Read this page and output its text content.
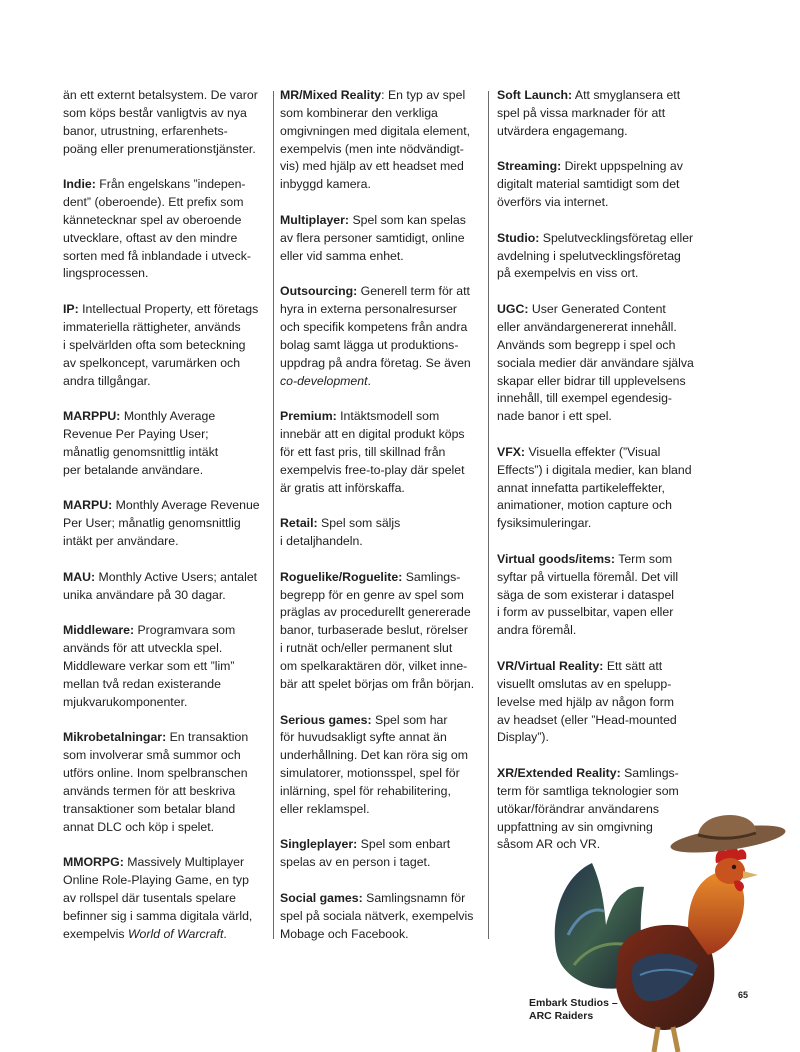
än ett externt betalsystem. De varor
som köps består vanligtvis av nya
banor, utrustning, erfarenhets-
poäng eller prenumerationstjänster.
Indie: Från engelskans ”indepen-
dent” (oberoende). Ett prefix som
kännetecknar spel av oberoende
utvecklare, oftast av den mindre
sorten med få inblandade i utveck-
lingsprocessen.
IP: Intellectual Property, ett företags
immateriella rättigheter, används
i spelvärlden ofta som beteckning
av spelkoncept, varumärken och
andra tillgångar.
MARPPU: Monthly Average
Revenue Per Paying User;
månatlig genomsnittlig intäkt
per betalande användare.
MARPU: Monthly Average Revenue
Per User; månatlig genomsnittlig
intäkt per användare.
MAU: Monthly Active Users; antalet
unika användare på 30 dagar.
Middleware: Programvara som
används för att utveckla spel.
Middleware verkar som ett ”lim”
mellan två redan existerande
mjukvarukomponenter.
Mikrobetalningar: En transaktion
som involverar små summor och
utförs online. Inom spelbranschen
används termen för att beskriva
transaktioner som betalar bland
annat DLC och köp i spelet.
MMORPG: Massively Multiplayer
Online Role-Playing Game, en typ
av rollspel där tusentals spelare
befinner sig i samma digitala värld,
exempelvis World of Warcraft.
MR/Mixed Reality: En typ av spel
som kombinerar den verkliga
omgivningen med digitala element,
exempelvis (men inte nödvändigt-
vis) med hjälp av ett headset med
inbyggd kamera.
Multiplayer: Spel som kan spelas
av flera personer samtidigt, online
eller vid samma enhet.
Outsourcing: Generell term för att
hyra in externa personalresurser
och specifik kompetens från andra
bolag samt lägga ut produktions-
uppdrag på andra företag. Se även
co-development.
Premium: Intäktsmodell som
innebär att en digital produkt köps
för ett fast pris, till skillnad från
exempelvis free-to-play där spelet
är gratis att införskaffa.
Retail: Spel som säljs
i detaljhandeln.
Roguelike/Roguelite: Samlings-
begrepp för en genre av spel som
präglas av procedurellt genererade
banor, turbaserade beslut, rörelser
i rutnät och/eller permanent slut
om spelkaraktären dör, vilket inne-
bär att spelet börjas om från början.
Serious games: Spel som har
för huvudsakligt syfte annat än
underhållning. Det kan röra sig om
simulatorer, motionsspel, spel för
inlärning, spel för rehabilitering,
eller reklamspel.
Singleplayer: Spel som enbart
spelas av en person i taget.
Social games: Samlingsnamn för
spel på sociala nätverk, exempelvis
Mobage och Facebook.
Soft Launch: Att smyglansera ett
spel på vissa marknader för att
utvärdera engagemang.
Streaming: Direkt uppspelning av
digitalt material samtidigt som det
överförs via internet.
Studio: Spelutvecklingsföretag eller
avdelning i spelutvecklingsföretag
på exempelvis en viss ort.
UGC: User Generated Content
eller användargenererat innehåll.
Används som begrepp i spel och
sociala medier där användare själva
skapar eller bidrar till upplevelsens
innehåll, till exempel egendesig-
nade banor i ett spel.
VFX: Visuella effekter (”Visual
Effects”) i digitala medier, kan bland
annat innefatta partikeleffekter,
animationer, motion capture och
fysiksimuleringar.
Virtual goods/items: Term som
syftar på virtuella föremål. Det vill
säga de som existerar i dataspel
i form av pusselbitar, vapen eller
andra föremål.
VR/Virtual Reality: Ett sätt att
visuellt omslutas av en spelupp-
levelse med hjälp av någon form
av headset (eller ”Head-mounted
Display”).
XR/Extended Reality: Samlings-
term för samtliga teknologier som
utökar/förändrar användarens
uppfattning av sin omgivning
såsom AR och VR.
Embark Studios –
ARC Raiders
65
